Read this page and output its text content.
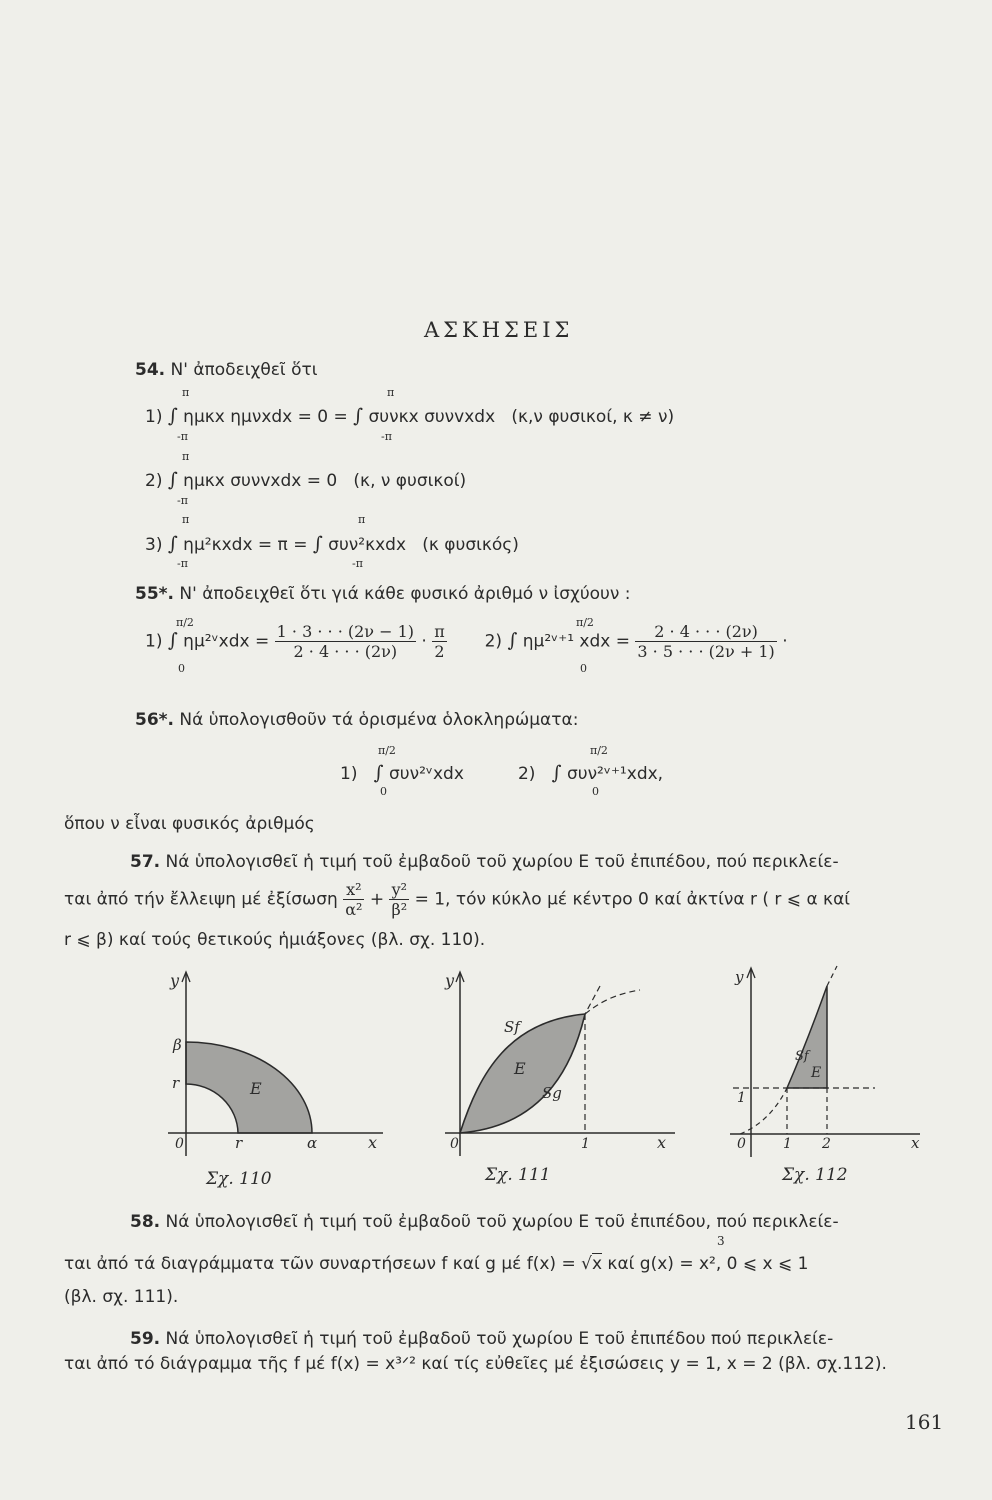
ΑΣΚΗΣΕΙΣ
54. Ν' ἀποδειχθεῖ ὅτι
π
-π
π
-π
1) ∫ ημκx ημνxdx = 0 = ∫ συνκx συνvxdx (κ,ν φυσικοί, κ ≠ ν)
π
-π
2) ∫ ημκx συνvxdx = 0 (κ, ν φυσικοί)
π
-π
π
-π
3) ∫ ημ²κxdx = π = ∫ συν²κxdx (κ φυσικός)
55*. Ν' ἀποδειχθεῖ ὅτι γιά κάθε φυσικό ἀριθμό ν ἰσχύουν :
π/2
0
π/2
0
1) ∫ ημ²ᵛxdx = $\frac{1 \cdot 3 \cdot \cdot \cdot (2\nu - 1)}{2 \cdot 4 \cdot \cdot \cdot (2\nu)} \cdot \frac{\pi}{2} 2$) ∫ ημ²ᵛ⁺¹ xdx = $\frac{2 \cdot 4 \cdot \cdot \cdot (2\nu)}{3 \cdot 5 \cdot \cdot \cdot (2\nu + 1)}$ ·
56*. Νά ὑπολογισθοῦν τά ὁρισμένα ὁλοκληρώματα:
π/2
0
π/2
0
1) ∫ συν²ᵛxdx	2) ∫ συν²ᵛ⁺¹xdx,
ὅπου ν εἶναι φυσικός ἀριθμός
57. Νά ὑπολογισθεῖ ἡ τιμή τοῦ ἐμβαδοῦ τοῦ χωρίου Ε τοῦ ἐπιπέδου, πού περικλείε-
ται ἀπό τήν ἔλλειψη μέ ἐξίσωση $\frac{\text{x²}}{\text{α²}} + \frac{\text{y²}}{\text{β²}} = 1$, τόν κύκλο μέ κέντρο 0 καί ἀκτίνα r ( r ⩽ α καί
r ⩽ β) καί τούς θετικούς ἡμιάξονες (βλ. σχ. 110).
y
x
0
β
r
r	α
E
Σχ. 110
y
x
0	1
Sf
Sg
E
Σχ. 111
y
x
0	1 2
1
Sf
E
Σχ. 112
58. Νά ὑπολογισθεῖ ἡ τιμή τοῦ ἐμβαδοῦ τοῦ χωρίου Ε τοῦ ἐπιπέδου, πού περικλείε-
3
ται ἀπό τά διαγράμματα τῶν συναρτήσεων f καί g μέ f(x) = √x καί g(x) = x², 0 ⩽ x ⩽ 1
(βλ. σχ. 111).
59. Νά ὑπολογισθεῖ ἡ τιμή τοῦ ἐμβαδοῦ τοῦ χωρίου Ε τοῦ ἐπιπέδου πού περικλείε-
ται ἀπό τό διάγραμμα τῆς f μέ f(x) = x³ᐟ² καί τίς εὐθεῖες μέ ἐξισώσεις y = 1, x = 2 (βλ. σχ.112).
161
